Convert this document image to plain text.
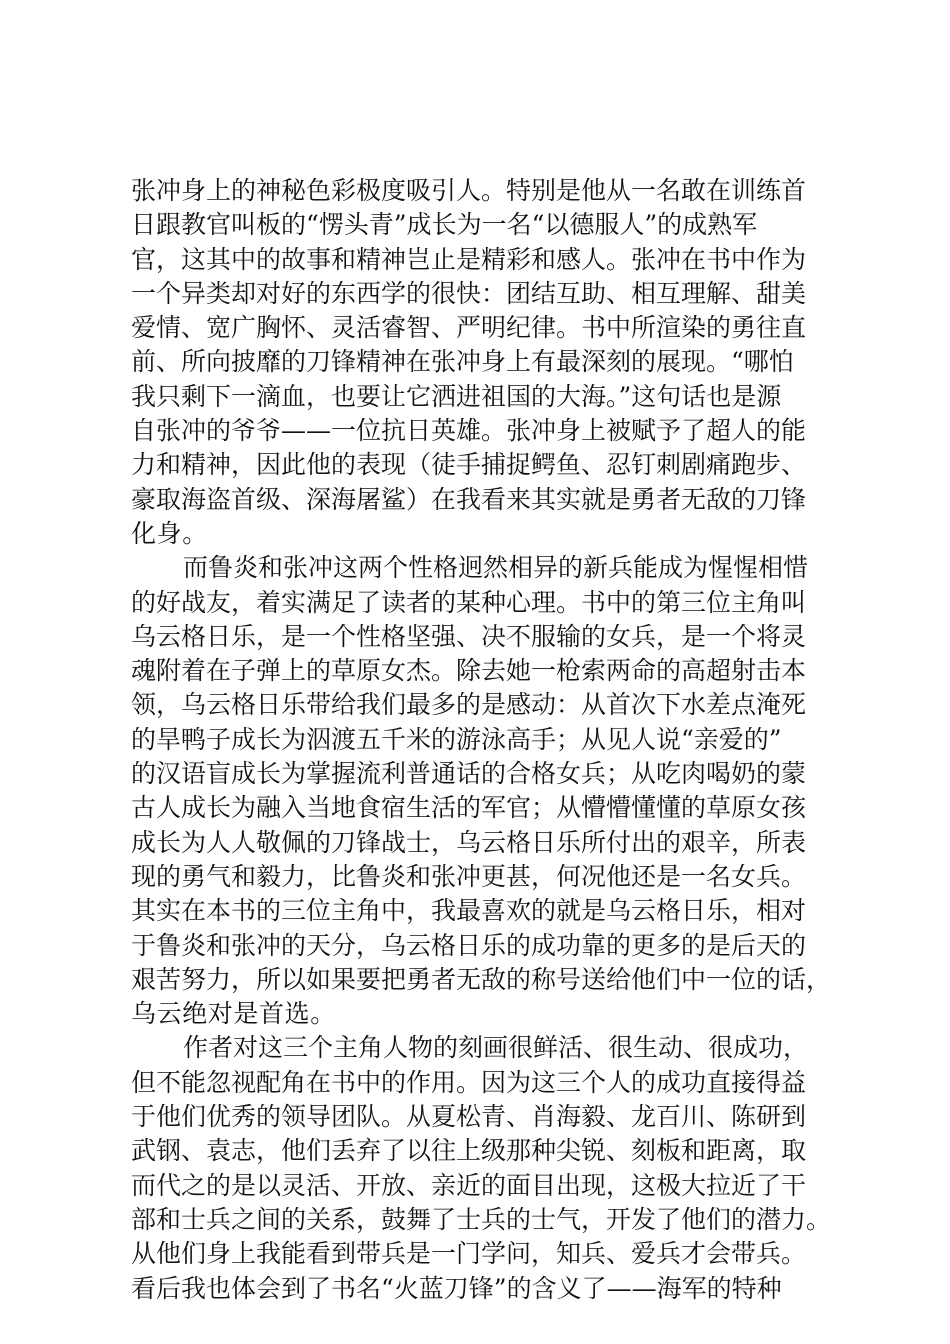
张冲身上的神秘色彩极度吸引人。特别是他从一名敢在训练首
日跟教官叫板的“愣头青”成长为一名“以德服人”的成熟军
官，这其中的故事和精神岂止是精彩和感人。张冲在书中作为
一个异类却对好的东西学的很快：团结互助、相互理解、甜美
爱情、宽广胸怀、灵活睿智、严明纪律。书中所渲染的勇往直
前、所向披靡的刀锋精神在张冲身上有最深刻的展现。“哪怕
我只剩下一滴血，也要让它洒进祖国的大海。”这句话也是源
自张冲的爷爷——一位抗日英雄。张冲身上被赋予了超人的能
力和精神，因此他的表现（徒手捕捉鳄鱼、忍钉刺剧痛跑步、
豪取海盗首级、深海屠鲨）在我看来其实就是勇者无敌的刀锋
化身。
而鲁炎和张冲这两个性格迥然相异的新兵能成为惺惺相惜
的好战友，着实满足了读者的某种心理。书中的第三位主角叫
乌云格日乐，是一个性格坚强、决不服输的女兵，是一个将灵
魂附着在子弹上的草原女杰。除去她一枪索两命的高超射击本
领，乌云格日乐带给我们最多的是感动：从首次下水差点淹死
的旱鸭子成长为泅渡五千米的游泳高手；从见人说“亲爱的”
的汉语盲成长为掌握流利普通话的合格女兵；从吃肉喝奶的蒙
古人成长为融入当地食宿生活的军官；从懵懵懂懂的草原女孩
成长为人人敬佩的刀锋战士，乌云格日乐所付出的艰辛，所表
现的勇气和毅力，比鲁炎和张冲更甚，何况他还是一名女兵。
其实在本书的三位主角中，我最喜欢的就是乌云格日乐，相对
于鲁炎和张冲的天分，乌云格日乐的成功靠的更多的是后天的
艰苦努力，所以如果要把勇者无敌的称号送给他们中一位的话，
乌云绝对是首选。
作者对这三个主角人物的刻画很鲜活、很生动、很成功，
但不能忽视配角在书中的作用。因为这三个人的成功直接得益
于他们优秀的领导团队。从夏松青、肖海毅、龙百川、陈研到
武钢、袁志，他们丢弃了以往上级那种尖锐、刻板和距离，取
而代之的是以灵活、开放、亲近的面目出现，这极大拉近了干
部和士兵之间的关系，鼓舞了士兵的士气，开发了他们的潜力。
从他们身上我能看到带兵是一门学问，知兵、爱兵才会带兵。
看后我也体会到了书名“火蓝刀锋”的含义了——海军的特种
